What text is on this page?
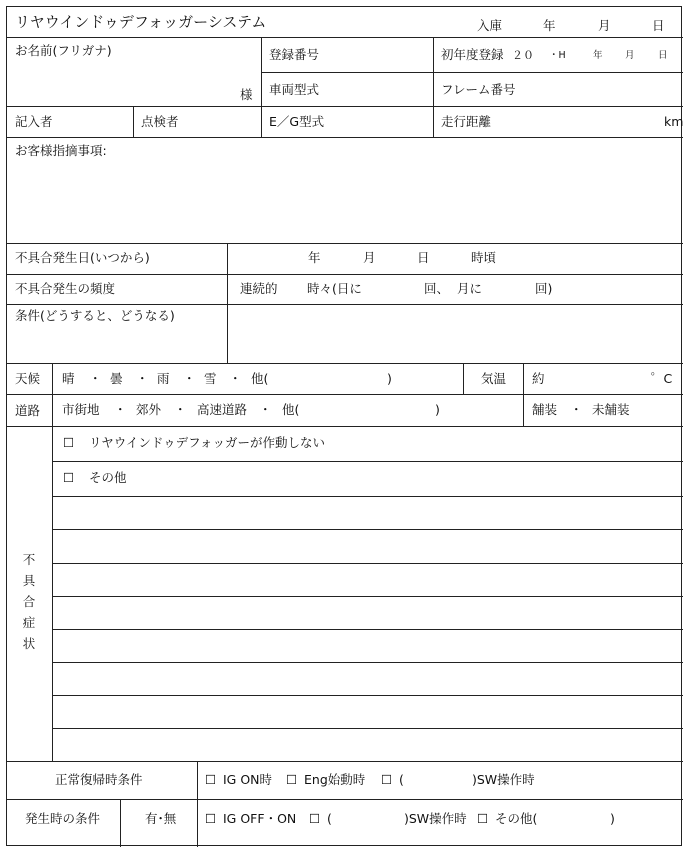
リヤウインドゥデフォッガーシステム	入庫	年	月	日
お名前(フリガナ)
様
登録番号	初年度登録 ２０ ・H	年 月 日
車両型式	フレーム番号
記入者	点検者	E／G型式	走行距離	km
お客様指摘事項:
不具合発生日(いつから)	年	月	日	時頃
不具合発生の頻度	連続的 時々(日に	回、 月に	回)
条件(どうすると、どうなる)
天候 晴 ・ 曇 ・ 雨 ・ 雪 ・ 他(	)	気温 約	゜C
道路 市街地 ・ 郊外 ・ 高速道路 ・ 他(	)	舗装 ・ 未舗装
不
具
合
症
状
☐ リヤウインドゥデフォッガーが作動しない
☐ その他
正常復帰時条件	☐ IG ON時 ☐ Eng始動時 ☐ (	)SW操作時
発生時の条件	有･無 ☐ IG OFF・ON ☐ (	)SW操作時 ☐ その他(	)
